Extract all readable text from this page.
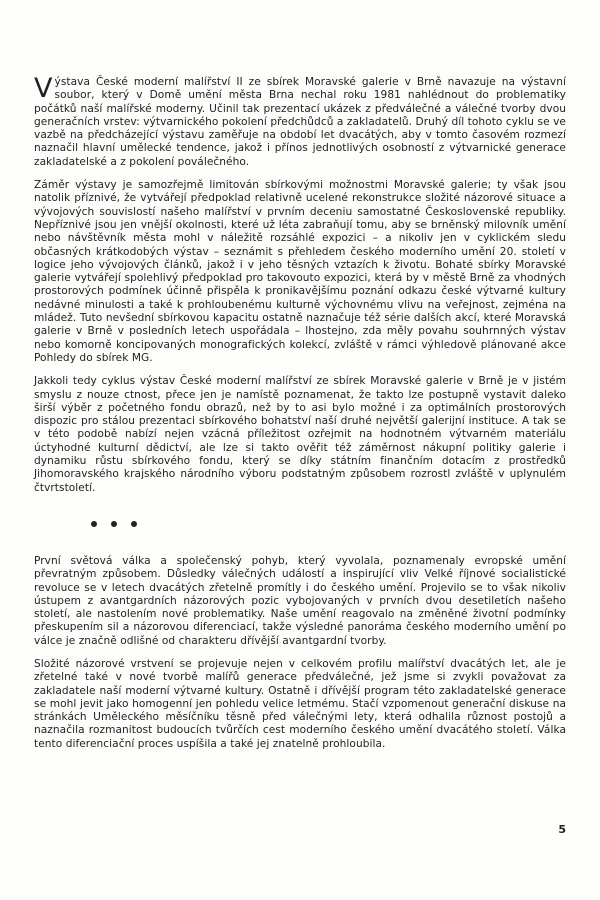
Výstava České moderní malířství II ze sbírek Moravské galerie v Brně navazuje na výstavní soubor, který v Domě umění města Brna nechal roku 1981 nahlédnout do problematiky počátků naší malířské moderny. Učinil tak prezentací ukázek z předválečné a válečné tvorby dvou generačních vrstev: výtvarnického pokolení předchůdců a zakladatelů. Druhý díl tohoto cyklu se ve vazbě na předcházející výstavu zaměřuje na období let dvacátých, aby v tomto časovém rozmezí naznačil hlavní umělecké tendence, jakož i přínos jednotlivých osobností z výtvarnické generace zakladatelské a z pokolení poválečného.

Záměr výstavy je samozřejmě limitován sbírkovými možnostmi Moravské galerie; ty však jsou natolik příznivé, že vytvářejí předpoklad relativně ucelené rekonstrukce složité názorové situace a vývojových souvislostí našeho malířství v prvním deceniu samostatné Československé republiky. Nepříznivé jsou jen vnější okolnosti, které už léta zabraňují tomu, aby se brněnský milovník umění nebo návštěvník města mohl v náležitě rozsáhlé expozici – a nikoliv jen v cyklickém sledu občasných krátkodobých výstav – seznámit s přehledem českého moderního umění 20. století v logice jeho vývojových článků, jakož i v jeho těsných vztazích k životu. Bohaté sbírky Moravské galerie vytvářejí spolehlivý předpoklad pro takovouto expozici, která by v městě Brně za vhodných prostorových podmínek účinně přispěla k pronikavějšímu poznání odkazu české výtvarné kultury nedávné minulosti a také k prohloubenému kulturně výchovnému vlivu na veřejnost, zejména na mládež. Tuto nevšední sbírkovou kapacitu ostatně naznačuje též série dalších akcí, které Moravská galerie v Brně v posledních letech uspořádala – lhostejno, zda měly povahu souhrnných výstav nebo komorně koncipovaných monografických kolekcí, zvláště v rámci výhledově plánované akce Pohledy do sbírek MG.

Jakkoli tedy cyklus výstav České moderní malířství ze sbírek Moravské galerie v Brně je v jistém smyslu z nouze ctnost, přece jen je namístě poznamenat, že takto lze postupně vystavit daleko širší výběr z početného fondu obrazů, než by to asi bylo možné i za optimálních prostorových dispozic pro stálou prezentaci sbírkového bohatství naší druhé největší galerijní instituce. A tak se v této podobě nabízí nejen vzácná příležitost ozřejmit na hodnotném výtvarném materiálu úctyhodné kulturní dědictví, ale lze si takto ověřit též záměrnost nákupní politiky galerie i dynamiku růstu sbírkového fondu, který se díky státním finančním dotacím z prostředků Jihomoravského krajského národního výboru podstatným způsobem rozrostl zvláště v uplynulém čtvrtstoletí.

První světová válka a společenský pohyb, který vyvolala, poznamenaly evropské umění převratným způsobem. Důsledky válečných událostí a inspirující vliv Velké říjnové socialistické revoluce se v letech dvacátých zřetelně promítly i do českého umění. Projevilo se to však nikoliv ústupem z avantgardních názorových pozic vybojovaných v prvních dvou desetiletích našeho století, ale nastolením nové problematiky. Naše umění reagovalo na změněné životní podmínky přeskupením sil a názorovou diferenciací, takže výsledné panoráma českého moderního umění po válce je značně odlišné od charakteru dřívější avantgardní tvorby.

Složité názorové vrstvení se projevuje nejen v celkovém profilu malířství dvacátých let, ale je zřetelné také v nové tvorbě malířů generace předválečné, jež jsme si zvykli považovat za zakladatele naší moderní výtvarné kultury. Ostatně i dřívější program této zakladatelské generace se mohl jevit jako homogenní jen pohledu velice letmému. Stačí vzpomenout generační diskuse na stránkách Uměleckého měsíčníku těsně před válečnými lety, která odhalila různost postojů a naznačila rozmanitost budoucích tvůrčích cest moderního českého umění dvacátého století. Válka tento diferenciační proces uspíšila a také jej znatelně prohloubila.

5
